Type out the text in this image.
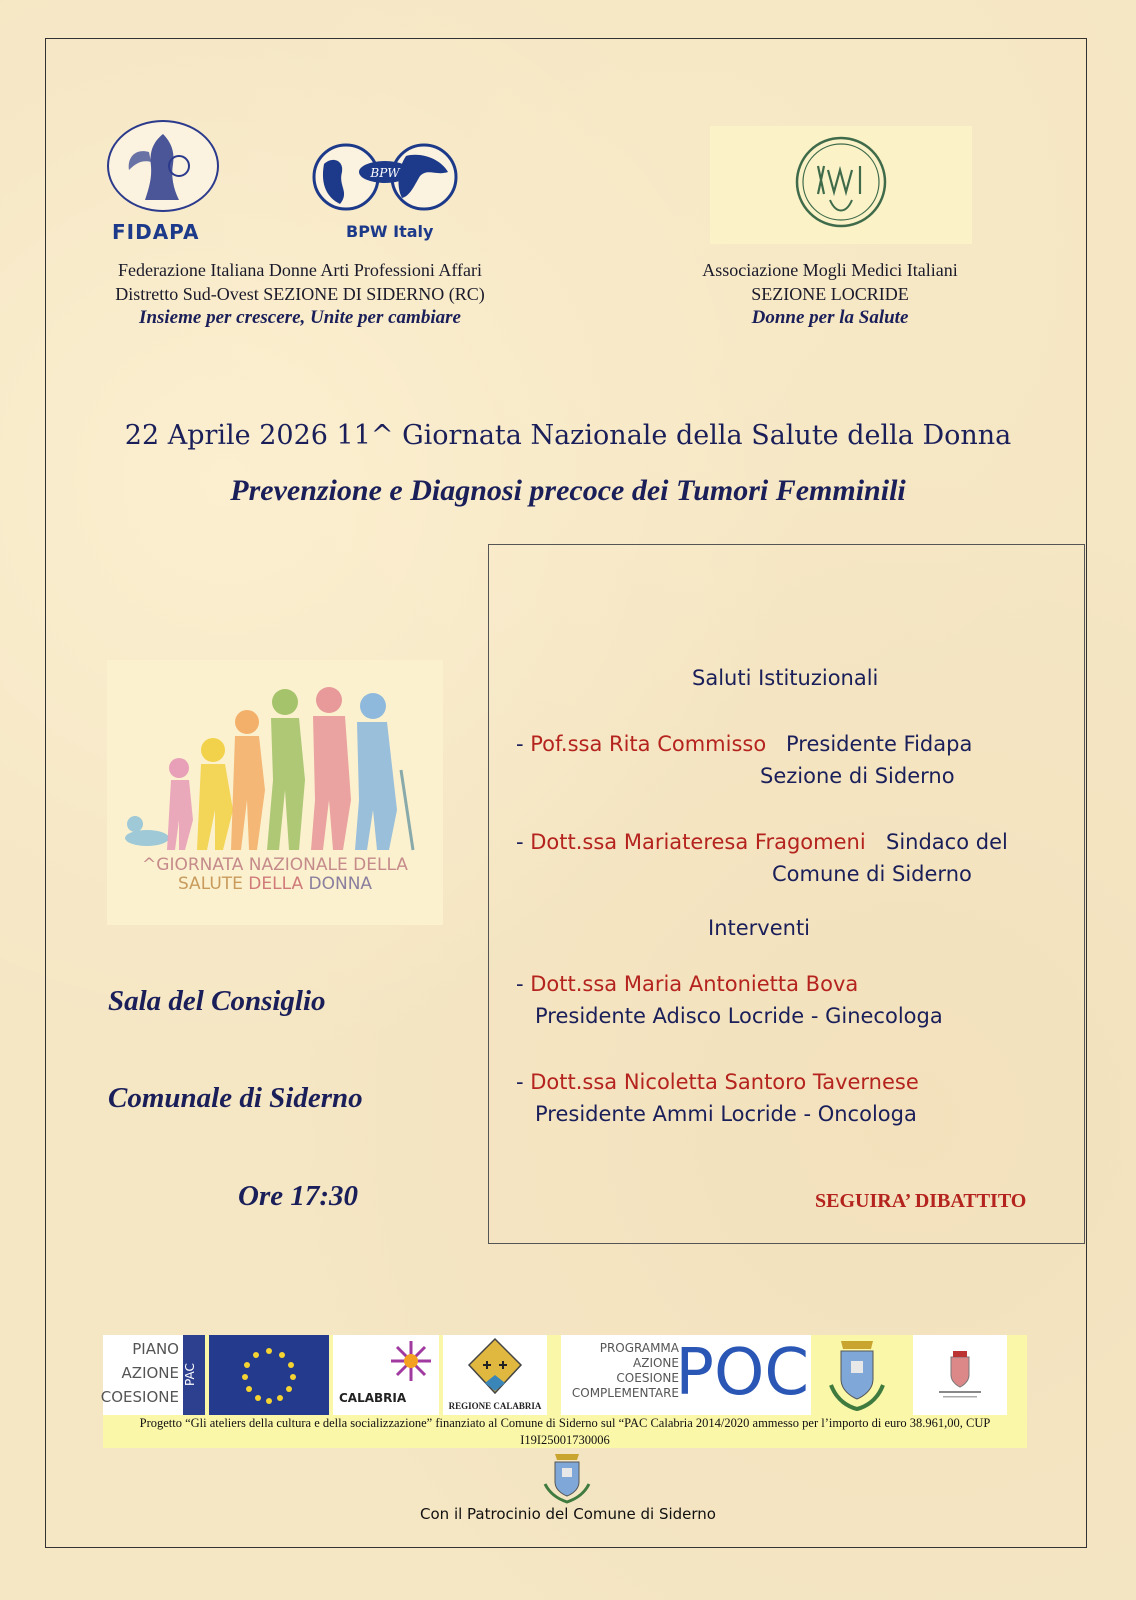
FIDAPA
BPW
BPW Italy
Federazione Italiana Donne Arti Professioni Affari
Distretto Sud-Ovest SEZIONE DI SIDERNO (RC)
Insieme per crescere, Unite per cambiare
Associazione Mogli Medici Italiani
SEZIONE LOCRIDE
Donne per la Salute
22 Aprile 2026 11^ Giornata Nazionale della Salute della Donna
Prevenzione e Diagnosi precoce dei Tumori Femminili
^GIORNATA NAZIONALE DELLA
SALUTE DELLA DONNA
Sala del Consiglio
Comunale di Siderno
Ore 17:30
Saluti Istituzionali
- Pof.ssa Rita Commisso Presidente Fidapa
Sezione di Siderno
- Dott.ssa Mariateresa Fragomeni Sindaco del
Comune di Siderno
Interventi
- Dott.ssa Maria Antonietta Bova
Presidente Adisco Locride - Ginecologa
- Dott.ssa Nicoletta Santoro Tavernese
Presidente Ammi Locride - Oncologa
SEGUIRA’ DIBATTITO
PIANO
AZIONE
COESIONE
PAC
CALABRIA
REGIONE CALABRIA
PROGRAMMA
AZIONE
COESIONE
COMPLEMENTARE
POC
Progetto “Gli ateliers della cultura e della socializzazione” finanziato al Comune di Siderno sul “PAC Calabria 2014/2020 ammesso per l’importo di euro 38.961,00, CUP I19I25001730006
Con il Patrocinio del Comune di Siderno
